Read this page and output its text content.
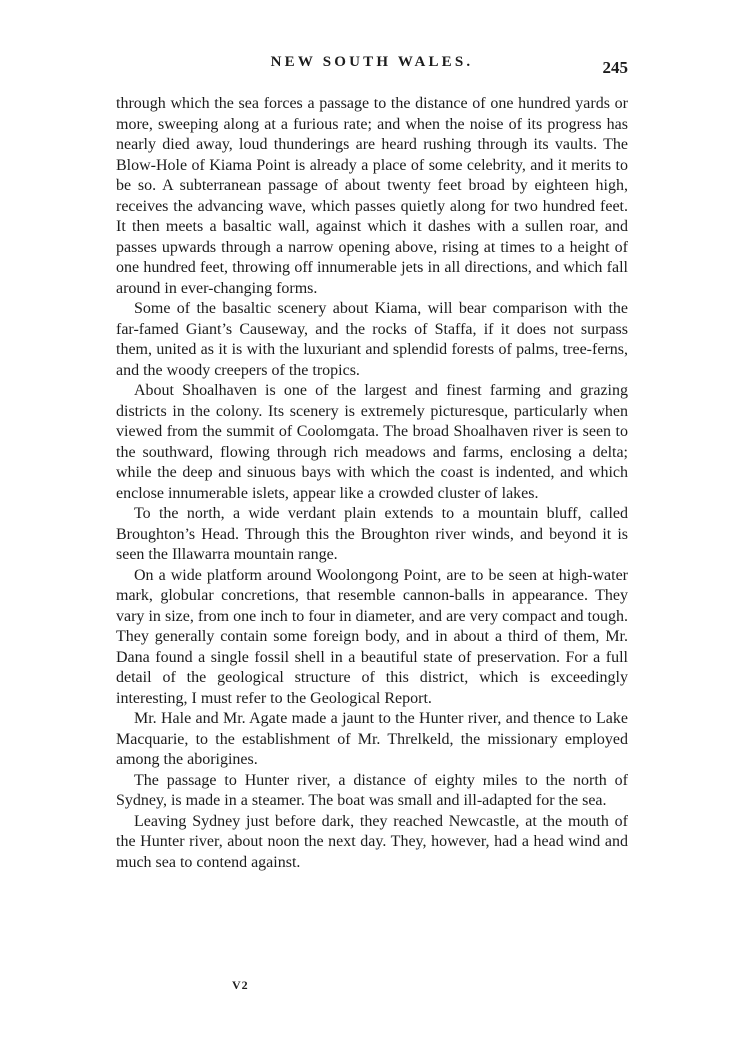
NEW SOUTH WALES.	245

through which the sea forces a passage to the distance of one hundred yards or more, sweeping along at a furious rate; and when the noise of its progress has nearly died away, loud thunderings are heard rushing through its vaults. The Blow-Hole of Kiama Point is already a place of some celebrity, and it merits to be so. A subterranean passage of about twenty feet broad by eighteen high, receives the advancing wave, which passes quietly along for two hundred feet. It then meets a basaltic wall, against which it dashes with a sullen roar, and passes upwards through a narrow opening above, rising at times to a height of one hundred feet, throwing off innumerable jets in all directions, and which fall around in ever-changing forms.

Some of the basaltic scenery about Kiama, will bear comparison with the far-famed Giant’s Causeway, and the rocks of Staffa, if it does not surpass them, united as it is with the luxuriant and splendid forests of palms, tree-ferns, and the woody creepers of the tropics.

About Shoalhaven is one of the largest and finest farming and grazing districts in the colony. Its scenery is extremely picturesque, particularly when viewed from the summit of Coolomgata. The broad Shoalhaven river is seen to the southward, flowing through rich meadows and farms, enclosing a delta; while the deep and sinuous bays with which the coast is indented, and which enclose innumerable islets, appear like a crowded cluster of lakes.

To the north, a wide verdant plain extends to a mountain bluff, called Broughton’s Head. Through this the Broughton river winds, and beyond it is seen the Illawarra mountain range.

On a wide platform around Woolongong Point, are to be seen at high-water mark, globular concretions, that resemble cannon-balls in appearance. They vary in size, from one inch to four in diameter, and are very compact and tough. They generally contain some foreign body, and in about a third of them, Mr. Dana found a single fossil shell in a beautiful state of preservation. For a full detail of the geological structure of this district, which is exceedingly interesting, I must refer to the Geological Report.

Mr. Hale and Mr. Agate made a jaunt to the Hunter river, and thence to Lake Macquarie, to the establishment of Mr. Threlkeld, the missionary employed among the aborigines.

The passage to Hunter river, a distance of eighty miles to the north of Sydney, is made in a steamer. The boat was small and ill-adapted for the sea.

Leaving Sydney just before dark, they reached Newcastle, at the mouth of the Hunter river, about noon the next day. They, however, had a head wind and much sea to contend against.

V2
